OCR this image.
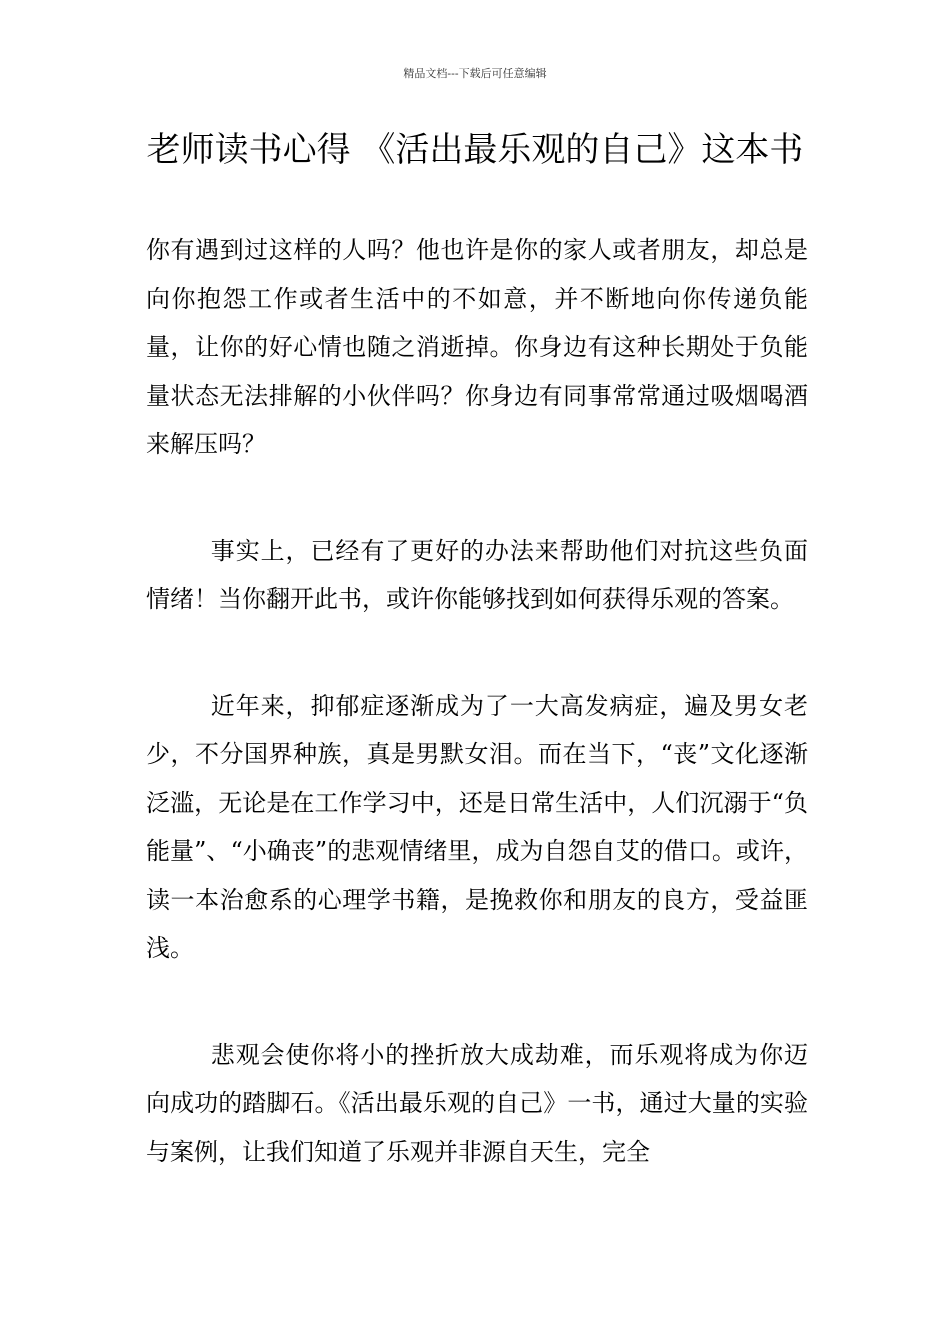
精品文档---下载后可任意编辑
老师读书心得 《活出最乐观的自己》这本书

你有遇到过这样的人吗？他也许是你的家人或者朋友，却总是向你抱怨工作或者生活中的不如意，并不断地向你传递负能量，让你的好心情也随之消逝掉。你身边有这种长期处于负能量状态无法排解的小伙伴吗？你身边有同事常常通过吸烟喝酒来解压吗？

事实上，已经有了更好的办法来帮助他们对抗这些负面情绪！当你翻开此书，或许你能够找到如何获得乐观的答案。

近年来，抑郁症逐渐成为了一大高发病症，遍及男女老少，不分国界种族，真是男默女泪。而在当下，“丧”文化逐渐泛滥，无论是在工作学习中，还是日常生活中，人们沉溺于“负能量”、“小确丧”的悲观情绪里，成为自怨自艾的借口。或许，读一本治愈系的心理学书籍，是挽救你和朋友的良方，受益匪浅。

悲观会使你将小的挫折放大成劫难，而乐观将成为你迈向成功的踏脚石。《活出最乐观的自己》一书，通过大量的实验与案例，让我们知道了乐观并非源自天生，完全
